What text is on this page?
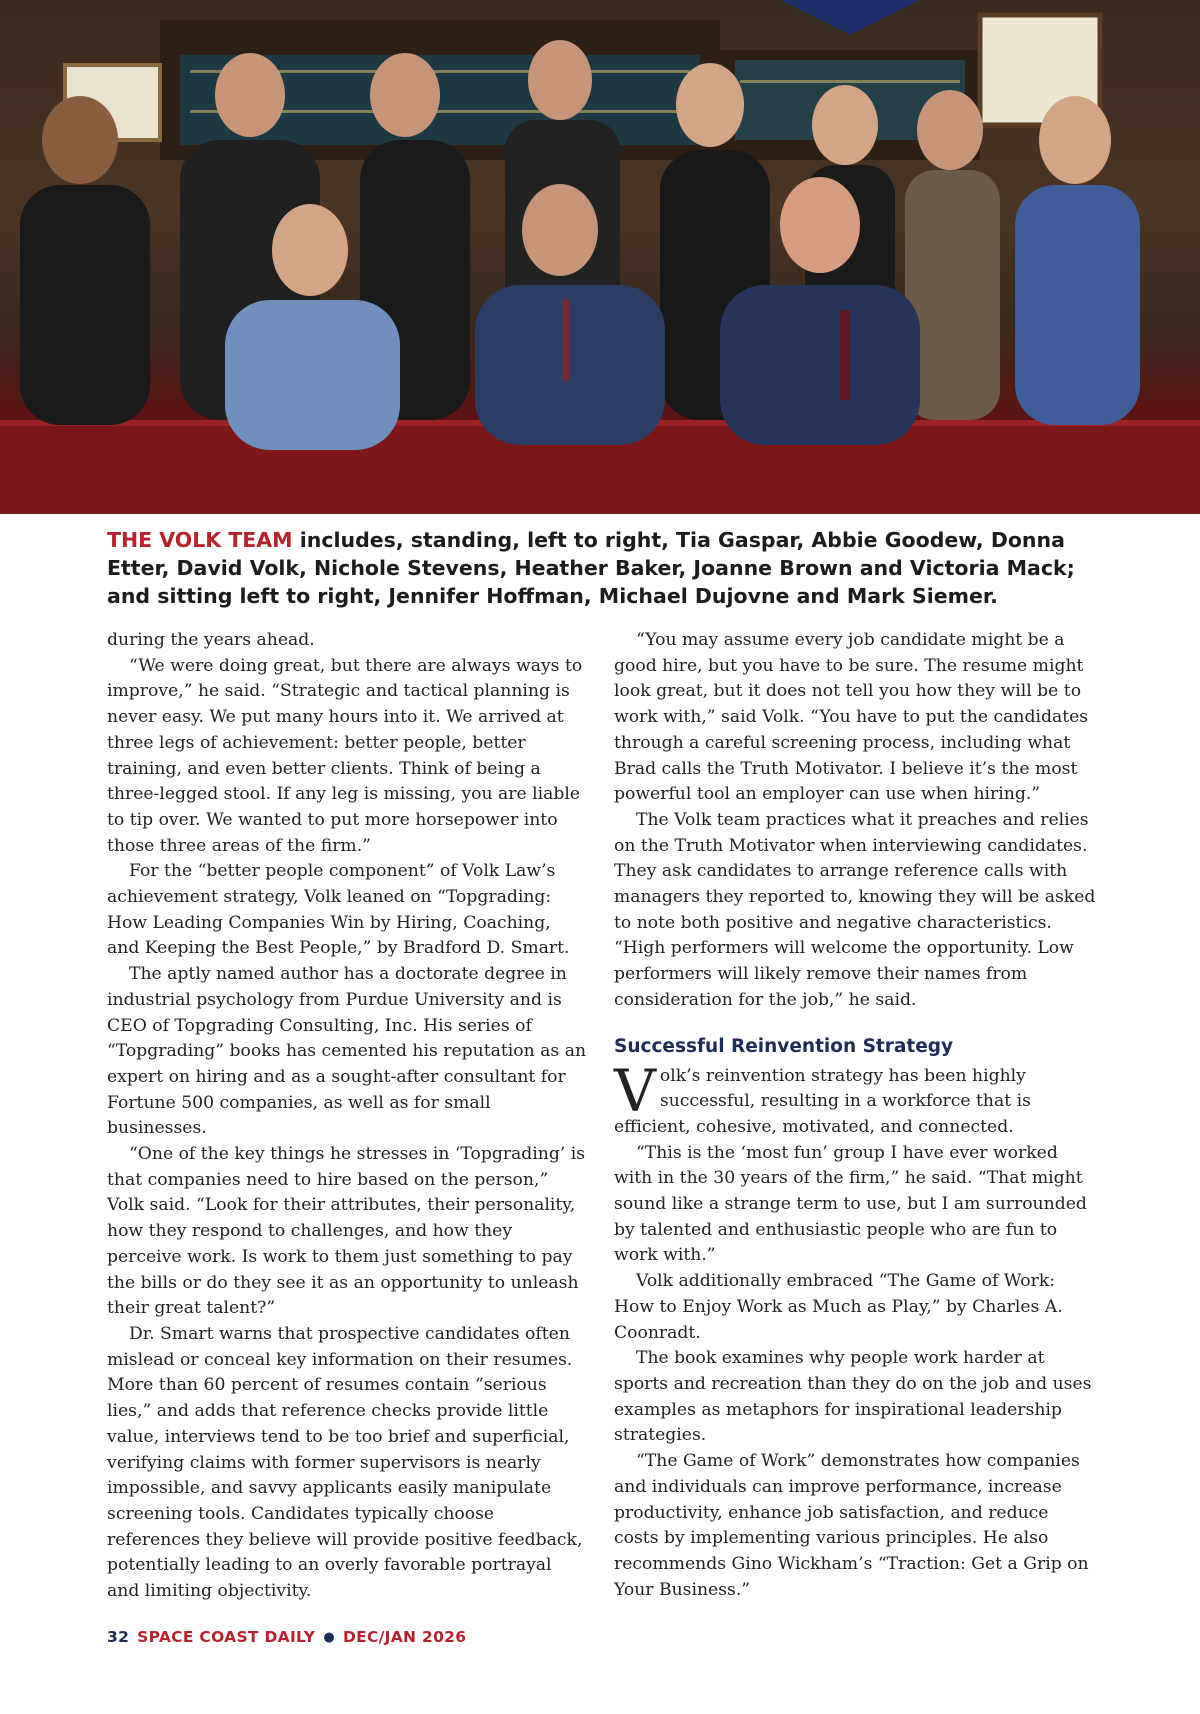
THE VOLK TEAM includes, standing, left to right, Tia Gaspar, Abbie Goodew, Donna Etter, David Volk, Nichole Stevens, Heather Baker, Joanne Brown and Victoria Mack; and sitting left to right, Jennifer Hoffman, Michael Dujovne and Mark Siemer.

during the years ahead.

“We were doing great, but there are always ways to improve,” he said. “Strategic and tactical planning is never easy. We put many hours into it. We arrived at three legs of achievement: better people, better training, and even better clients. Think of being a three-legged stool. If any leg is missing, you are liable to tip over. We wanted to put more horsepower into those three areas of the firm.”

For the “better people component” of Volk Law’s achievement strategy, Volk leaned on “Topgrading: How Leading Companies Win by Hiring, Coaching, and Keeping the Best People,” by Bradford D. Smart.

The aptly named author has a doctorate degree in industrial psychology from Purdue University and is CEO of Topgrading Consulting, Inc. His series of “Topgrading” books has cemented his reputation as an expert on hiring and as a sought-after consultant for Fortune 500 companies, as well as for small businesses.

“One of the key things he stresses in ‘Topgrading’ is that companies need to hire based on the person,” Volk said. “Look for their attributes, their personality, how they respond to challenges, and how they perceive work. Is work to them just something to pay the bills or do they see it as an opportunity to unleash their great talent?”

Dr. Smart warns that prospective candidates often mislead or conceal key information on their resumes. More than 60 percent of resumes contain “serious lies,” and adds that reference checks provide little value, interviews tend to be too brief and superficial, verifying claims with former supervisors is nearly impossible, and savvy applicants easily manipulate screening tools. Candidates typically choose references they believe will provide positive feedback, potentially leading to an overly favorable portrayal and limiting objectivity.

“You may assume every job candidate might be a good hire, but you have to be sure. The resume might look great, but it does not tell you how they will be to work with,” said Volk. “You have to put the candidates through a careful screening process, including what Brad calls the Truth Motivator. I believe it’s the most powerful tool an employer can use when hiring.”

The Volk team practices what it preaches and relies on the Truth Motivator when interviewing candidates. They ask candidates to arrange reference calls with managers they reported to, knowing they will be asked to note both positive and negative characteristics. “High performers will welcome the opportunity. Low performers will likely remove their names from consideration for the job,” he said.

Successful Reinvention Strategy

Volk’s reinvention strategy has been highly successful, resulting in a workforce that is efficient, cohesive, motivated, and connected.

“This is the ‘most fun’ group I have ever worked with in the 30 years of the firm,” he said. “That might sound like a strange term to use, but I am surrounded by talented and enthusiastic people who are fun to work with.”

Volk additionally embraced “The Game of Work: How to Enjoy Work as Much as Play,” by Charles A. Coonradt.

The book examines why people work harder at sports and recreation than they do on the job and uses examples as metaphors for inspirational leadership strategies.

“The Game of Work” demonstrates how companies and individuals can improve performance, increase productivity, enhance job satisfaction, and reduce costs by implementing various principles. He also recommends Gino Wickham’s “Traction: Get a Grip on Your Business.”

32 SPACE COAST DAILY ● DEC/JAN 2026
